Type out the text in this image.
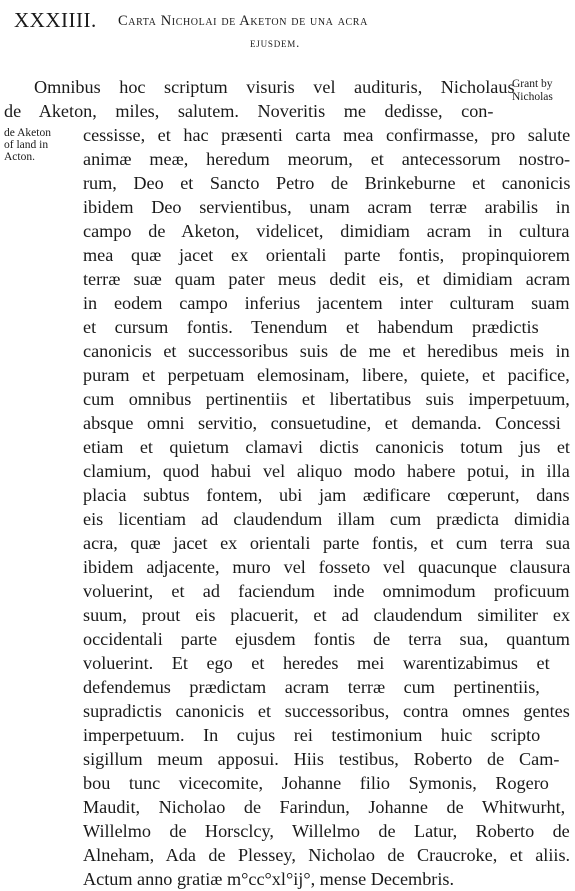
XXXIIII. Carta Nicholai de Aketon de una acra
ejusdem.
Grant by
Nicholas
de Aketon
of land in
Acton.
Omnibus hoc scriptum visuris vel audituris, Nicholaus
de Aketon, miles, salutem. Noveritis me dedisse, con-
cessisse, et hac præsenti carta mea confirmasse, pro salute
animæ meæ, heredum meorum, et antecessorum nostro-
rum, Deo et Sancto Petro de Brinkeburne et canonicis
ibidem Deo servientibus, unam acram terræ arabilis in
campo de Aketon, videlicet, dimidiam acram in cultura
mea quæ jacet ex orientali parte fontis, propinquiorem
terræ suæ quam pater meus dedit eis, et dimidiam acram
in eodem campo inferius jacentem inter culturam suam
et cursum fontis. Tenendum et habendum prædictis
canonicis et successoribus suis de me et heredibus meis in
puram et perpetuam elemosinam, libere, quiete, et pacifice,
cum omnibus pertinentiis et libertatibus suis imperpetuum,
absque omni servitio, consuetudine, et demanda. Concessi
etiam et quietum clamavi dictis canonicis totum jus et
clamium, quod habui vel aliquo modo habere potui, in illa
placia subtus fontem, ubi jam ædificare cœperunt, dans
eis licentiam ad claudendum illam cum prædicta dimidia
acra, quæ jacet ex orientali parte fontis, et cum terra sua
ibidem adjacente, muro vel fosseto vel quacunque clausura
voluerint, et ad faciendum inde omnimodum proficuum
suum, prout eis placuerit, et ad claudendum similiter ex
occidentali parte ejusdem fontis de terra sua, quantum
voluerint. Et ego et heredes mei warentizabimus et
defendemus prædictam acram terræ cum pertinentiis,
supradictis canonicis et successoribus, contra omnes gentes
imperpetuum. In cujus rei testimonium huic scripto
sigillum meum apposui. Hiis testibus, Roberto de Cam-
bou tunc vicecomite, Johanne filio Symonis, Rogero
Maudit, Nicholao de Farindun, Johanne de Whitwurht,
Willelmo de Horsclcy, Willelmo de Latur, Roberto de
Alneham, Ada de Plessey, Nicholao de Craucroke, et aliis.
Actum anno gratiæ m°cc°xl°ij°, mense Decembris.
